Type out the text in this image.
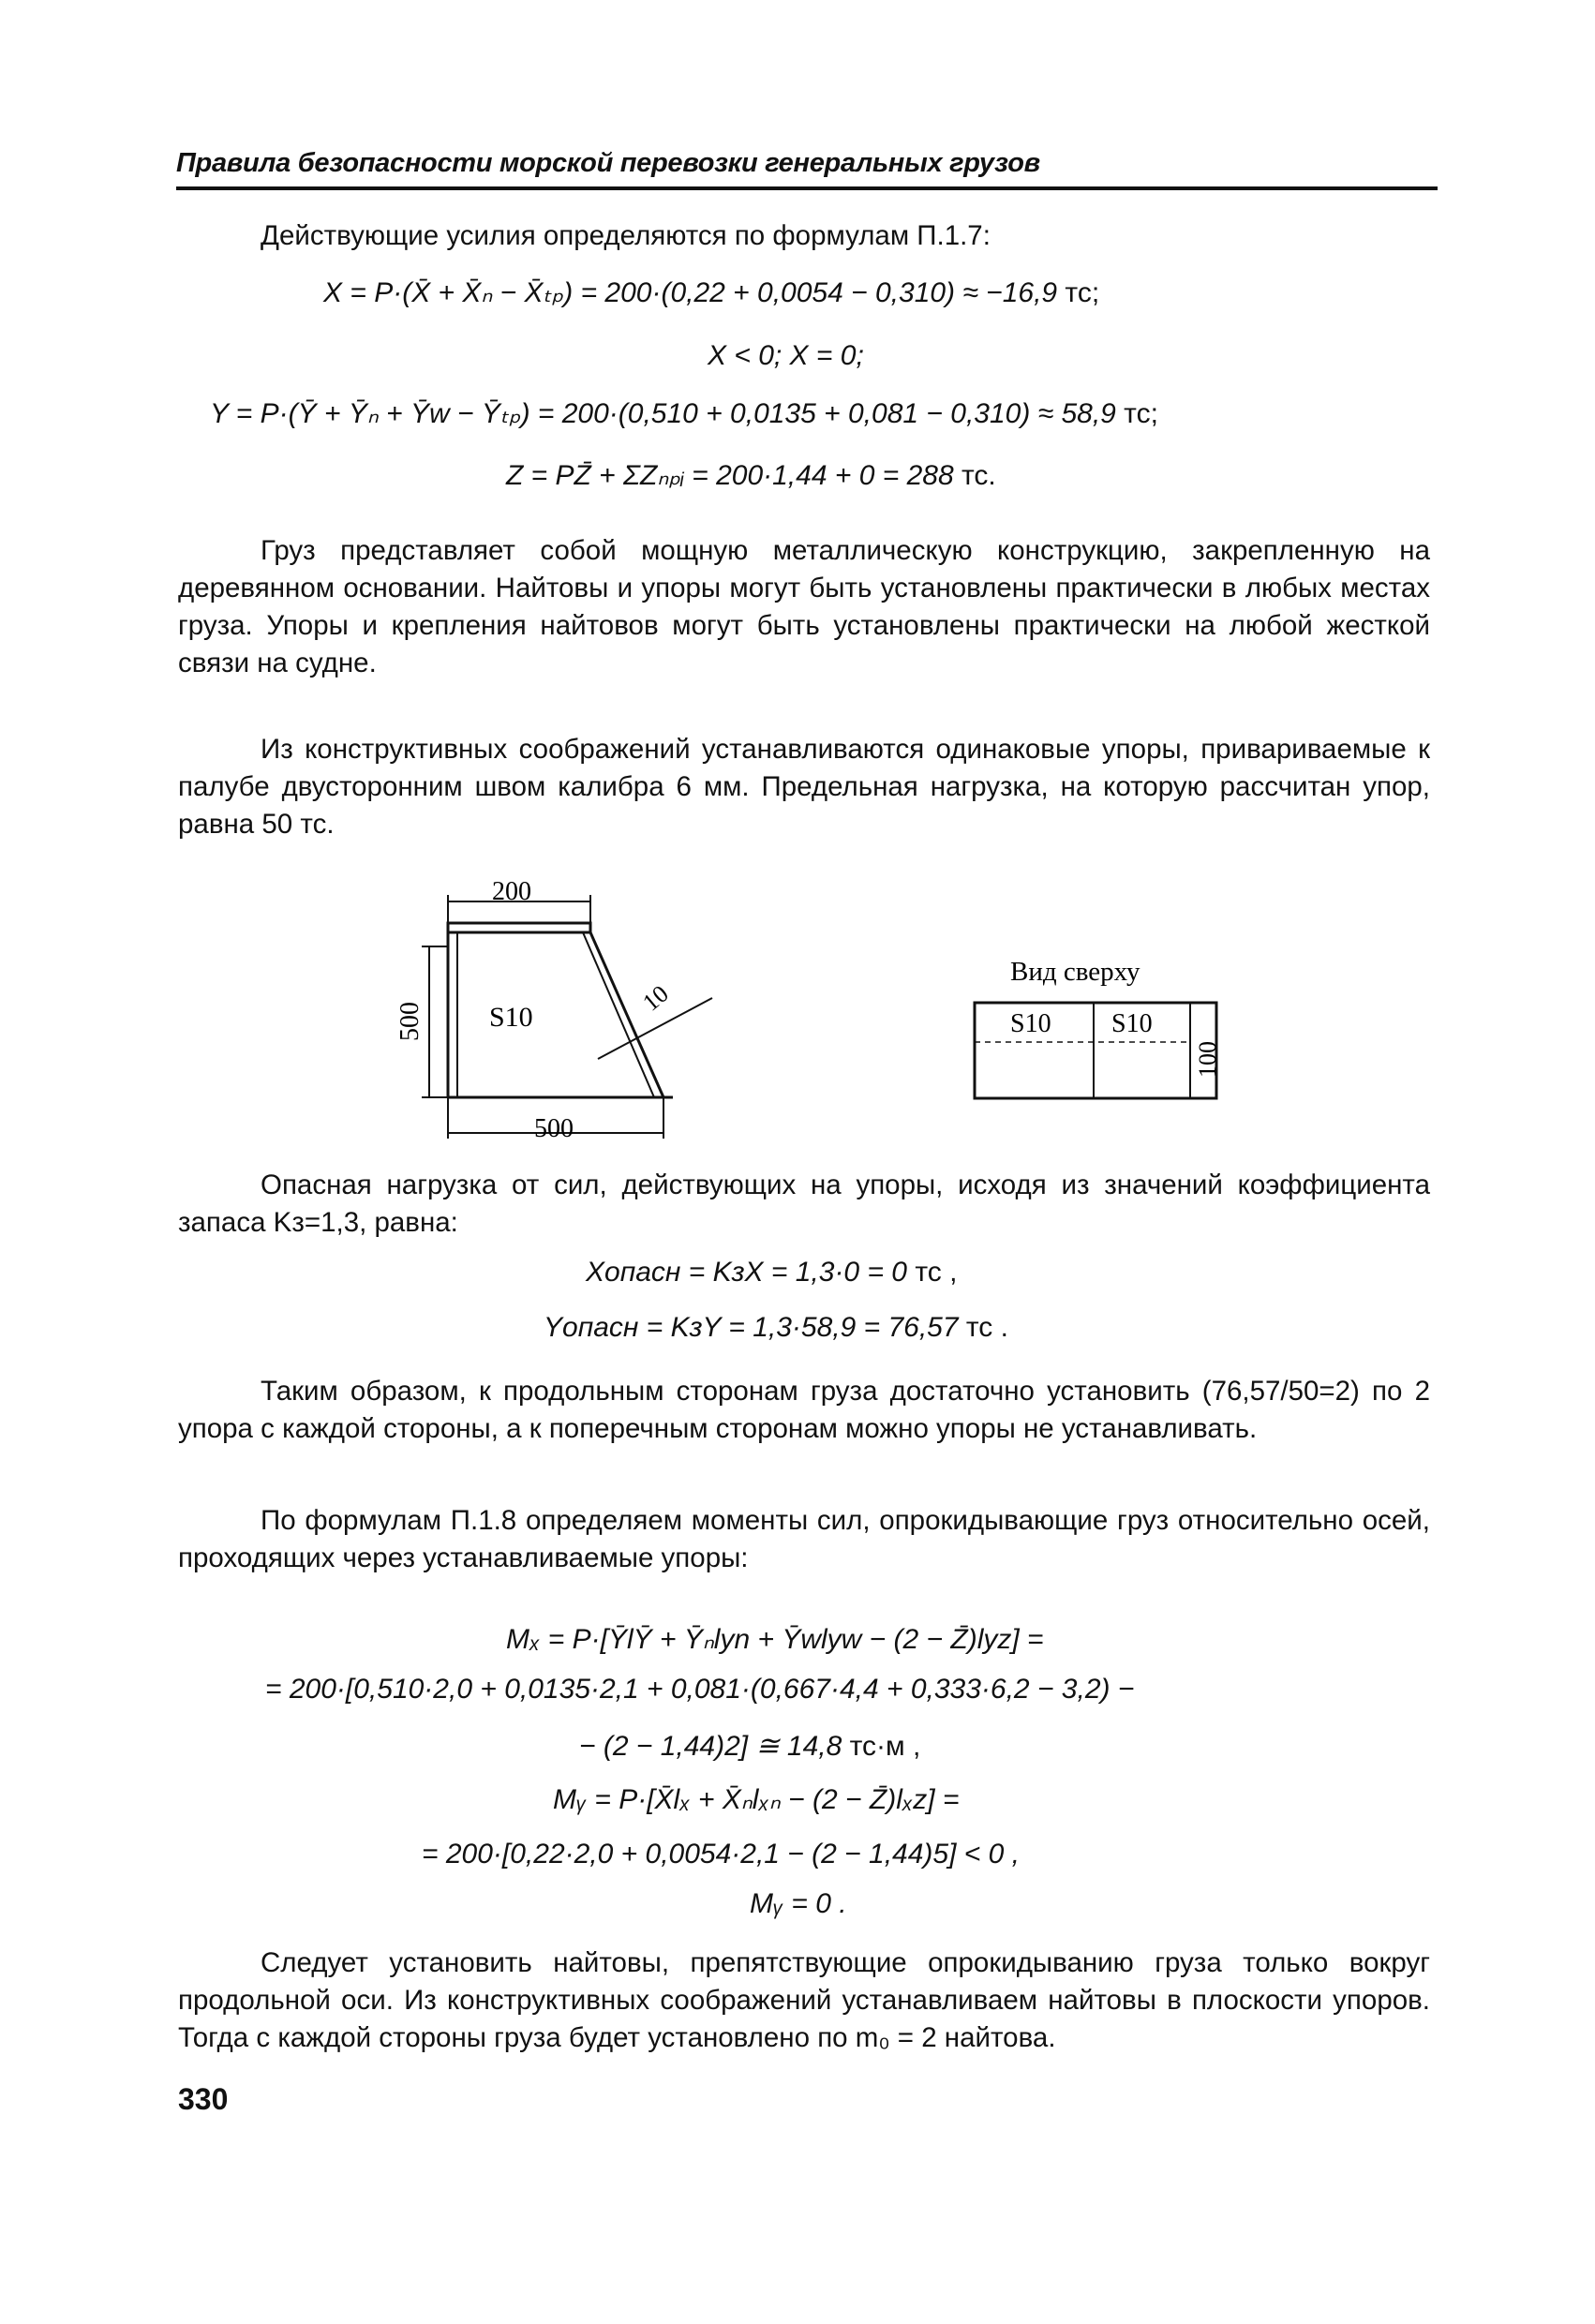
Правила безопасности морской перевозки генеральных грузов
Действующие усилия определяются по формулам П.1.7:
X = P·(X̄ + X̄ₙ − X̄ₜₚ) = 200·(0,22 + 0,0054 − 0,310) ≈ −16,9 тс;
X < 0; X = 0;
Y = P·(Ȳ + Ȳₙ + Ȳw − Ȳₜₚ) = 200·(0,510 + 0,0135 + 0,081 − 0,310) ≈ 58,9 тс;
Z = PZ̄ + ΣZₙₚᵢ = 200·1,44 + 0 = 288 тс.
Груз представляет собой мощную металлическую конструкцию, закрепленную на деревянном основании. Найтовы и упоры могут быть установлены практически в любых местах груза. Упоры и крепления найтовов могут быть установлены практически на любой жесткой связи на судне.
Из конструктивных соображений устанавливаются одинаковые упоры, привариваемые к палубе двусторонним швом калибра 6 мм. Предельная нагрузка, на которую рассчитан упор, равна 50 тс.
200
S10
500
500
10
Вид сверху
S10 S10
100
Опасная нагрузка от сил, действующих на упоры, исходя из значений коэффициента запаса Kз=1,3, равна:
Xопасн = KзX = 1,3·0 = 0 тс ,
Yопасн = KзY = 1,3·58,9 = 76,57 тс .
Таким образом, к продольным сторонам груза достаточно установить (76,57/50=2) по 2 упора с каждой стороны, а к поперечным сторонам можно упоры не устанавливать.
По формулам П.1.8 определяем моменты сил, опрокидывающие груз относительно осей, проходящих через устанавливаемые упоры:
Mₓ = P·[ȲlȲ + Ȳₙlyn + Ȳwlyw − (2 − Z̄)lyz] =
= 200·[0,510·2,0 + 0,0135·2,1 + 0,081·(0,667·4,4 + 0,333·6,2 − 3,2) −
− (2 − 1,44)2] ≅ 14,8 тс·м ,
Mᵧ = P·[X̄lₓ + X̄ₙlₓₙ − (2 − Z̄)lₓz] =
= 200·[0,22·2,0 + 0,0054·2,1 − (2 − 1,44)5] < 0 ,
Mᵧ = 0 .
Следует установить найтовы, препятствующие опрокидыванию груза только вокруг продольной оси. Из конструктивных соображений устанавливаем найтовы в плоскости упоров. Тогда с каждой стороны груза будет установлено по m₀ = 2 найтова.
330
